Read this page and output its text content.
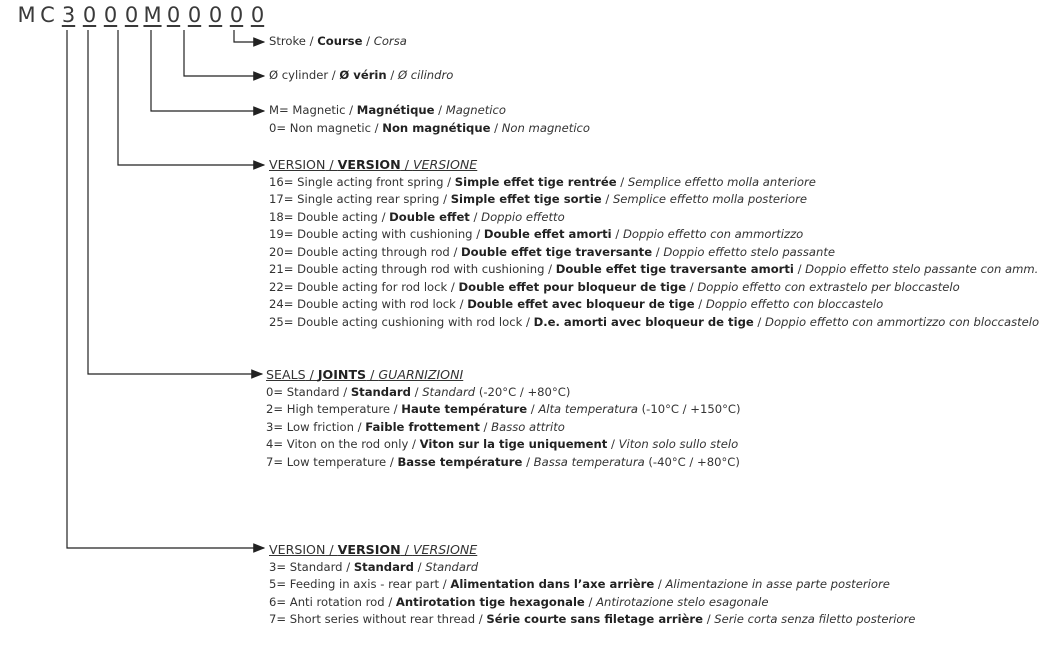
M C 3 0 0 0 M 0 0 0 0 0
Stroke / Course / Corsa
Ø cylinder / Ø vérin / Ø cilindro
M= Magnetic / Magnétique / Magnetico
0= Non magnetic / Non magnétique / Non magnetico
VERSION / VERSION / VERSIONE
16= Single acting front spring / Simple effet tige rentrée / Semplice effetto molla anteriore
17= Single acting rear spring / Simple effet tige sortie / Semplice effetto molla posteriore
18= Double acting / Double effet / Doppio effetto
19= Double acting with cushioning / Double effet amorti / Doppio effetto con ammortizzo
20= Double acting through rod / Double effet tige traversante / Doppio effetto stelo passante
21= Double acting through rod with cushioning / Double effet tige traversante amorti / Doppio effetto stelo passante con amm.
22= Double acting for rod lock / Double effet pour bloqueur de tige / Doppio effetto con extrastelo per bloccastelo
24= Double acting with rod lock / Double effet avec bloqueur de tige / Doppio effetto con bloccastelo
25= Double acting cushioning with rod lock / D.e. amorti avec bloqueur de tige / Doppio effetto con ammortizzo con bloccastelo
SEALS / JOINTS / GUARNIZIONI
0= Standard / Standard / Standard (-20°C / +80°C)
2= High temperature / Haute température / Alta temperatura (-10°C / +150°C)
3= Low friction / Faible frottement / Basso attrito
4= Viton on the rod only / Viton sur la tige uniquement / Viton solo sullo stelo
7= Low temperature / Basse température / Bassa temperatura (-40°C / +80°C)
VERSION / VERSION / VERSIONE
3= Standard / Standard / Standard
5= Feeding in axis - rear part / Alimentation dans l’axe arrière / Alimentazione in asse parte posteriore
6= Anti rotation rod / Antirotation tige hexagonale / Antirotazione stelo esagonale
7= Short series without rear thread / Série courte sans filetage arrière / Serie corta senza filetto posteriore
